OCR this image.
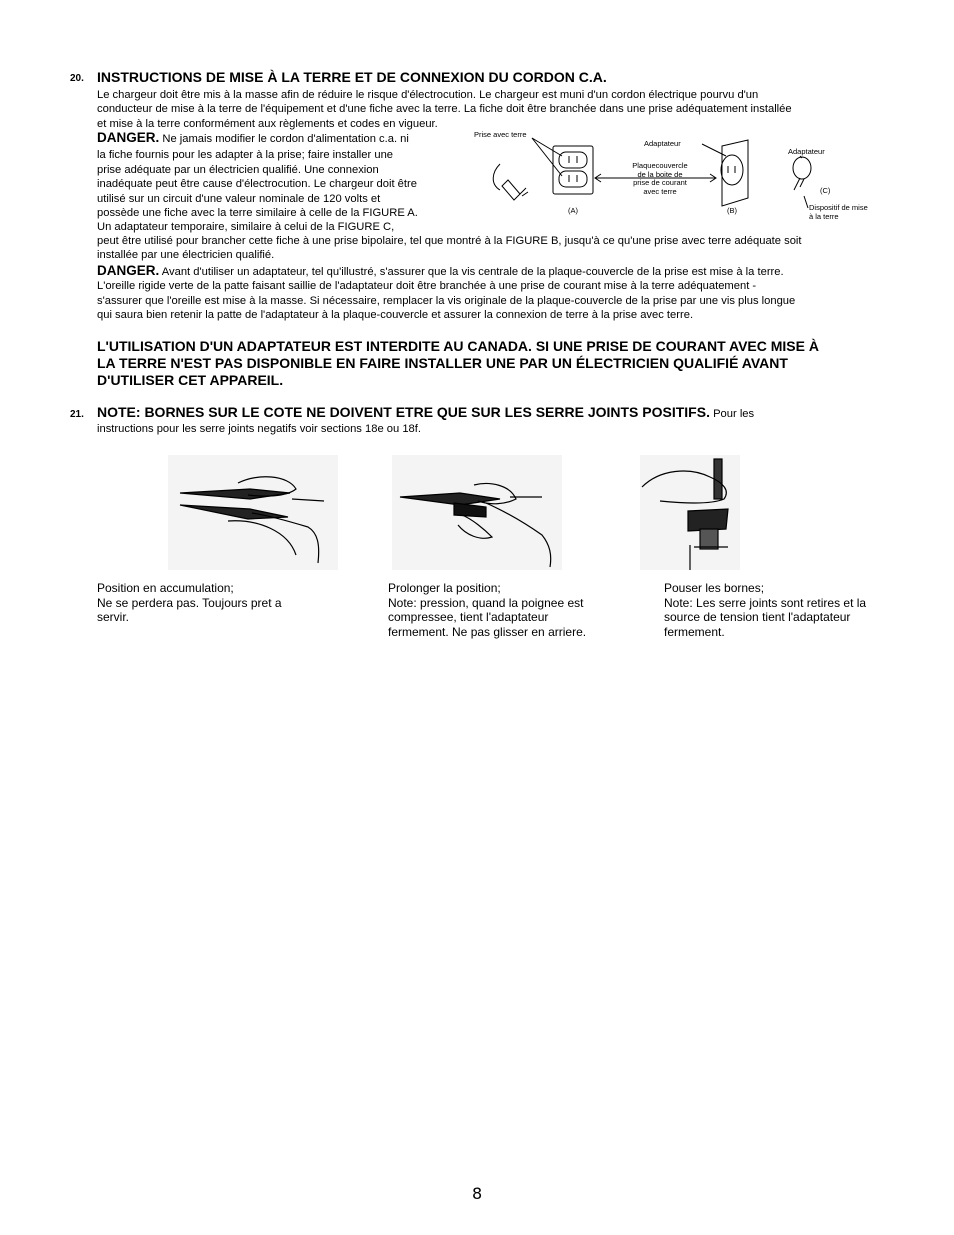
20. INSTRUCTIONS DE MISE À LA TERRE ET DE CONNEXION DU CORDON C.A.
Le chargeur doit être mis à la masse afin de réduire le risque d'électrocution. Le chargeur est muni d'un cordon électrique pourvu d'un
conducteur de mise à la terre de l'équipement et d'une fiche avec la terre. La fiche doit être branchée dans une prise adéquatement installée
et mise à la terre conformément aux règlements et codes en vigueur.
DANGER. Ne jamais modifier le cordon d'alimentation c.a. ni
la fiche fournis pour les adapter à la prise; faire installer une
prise adéquate par un électricien qualifié. Une connexion
inadéquate peut être cause d'électrocution. Le chargeur doit être
utilisé sur un circuit d'une valeur nominale de 120 volts et
possède une fiche avec la terre similaire à celle de la FIGURE A.
Un adaptateur temporaire, similaire à celui de la FIGURE C,
peut être utilisé pour brancher cette fiche à une prise bipolaire, tel que montré à la FIGURE B, jusqu'à ce qu'une prise avec terre adéquate soit
installée par une électricien qualifié.
Prise avec terre
Adaptateur
Plaquecouvercle
de la boite de
prise de courant
avec terre
Adaptateur
Dispositif de mise
à la terre
(A)	(B)
(C)
DANGER. Avant d'utiliser un adaptateur, tel qu'illustré, s'assurer que la vis centrale de la plaque-couvercle de la prise est mise à la terre.
L'oreille rigide verte de la patte faisant saillie de l'adaptateur doit être branchée à une prise de courant mise à la terre adéquatement -
s'assurer que l'oreille est mise à la masse. Si nécessaire, remplacer la vis originale de la plaque-couvercle de la prise par une vis plus longue
qui saura bien retenir la patte de l'adaptateur à la plaque-couvercle et assurer la connexion de terre à la prise avec terre.
L'UTILISATION D'UN ADAPTATEUR EST INTERDITE AU CANADA. SI UNE PRISE DE COURANT AVEC MISE À
LA TERRE N'EST PAS DISPONIBLE EN FAIRE INSTALLER UNE PAR UN ÉLECTRICIEN QUALIFIÉ AVANT
D'UTILISER CET APPAREIL.
21. NOTE: BORNES SUR LE COTE NE DOIVENT ETRE QUE SUR LES SERRE JOINTS POSITIFS. Pour les
instructions pour les serre joints negatifs voir sections 18e ou 18f.
Position en accumulation;
Ne se perdera pas. Toujours pret a
servir.
Prolonger la position;
Note: pression, quand la poignee est
compressee, tient l'adaptateur
fermement. Ne pas glisser en arriere.
Pouser les bornes;
Note: Les serre joints sont retires et la
source de tension tient l'adaptateur
fermement.
8
